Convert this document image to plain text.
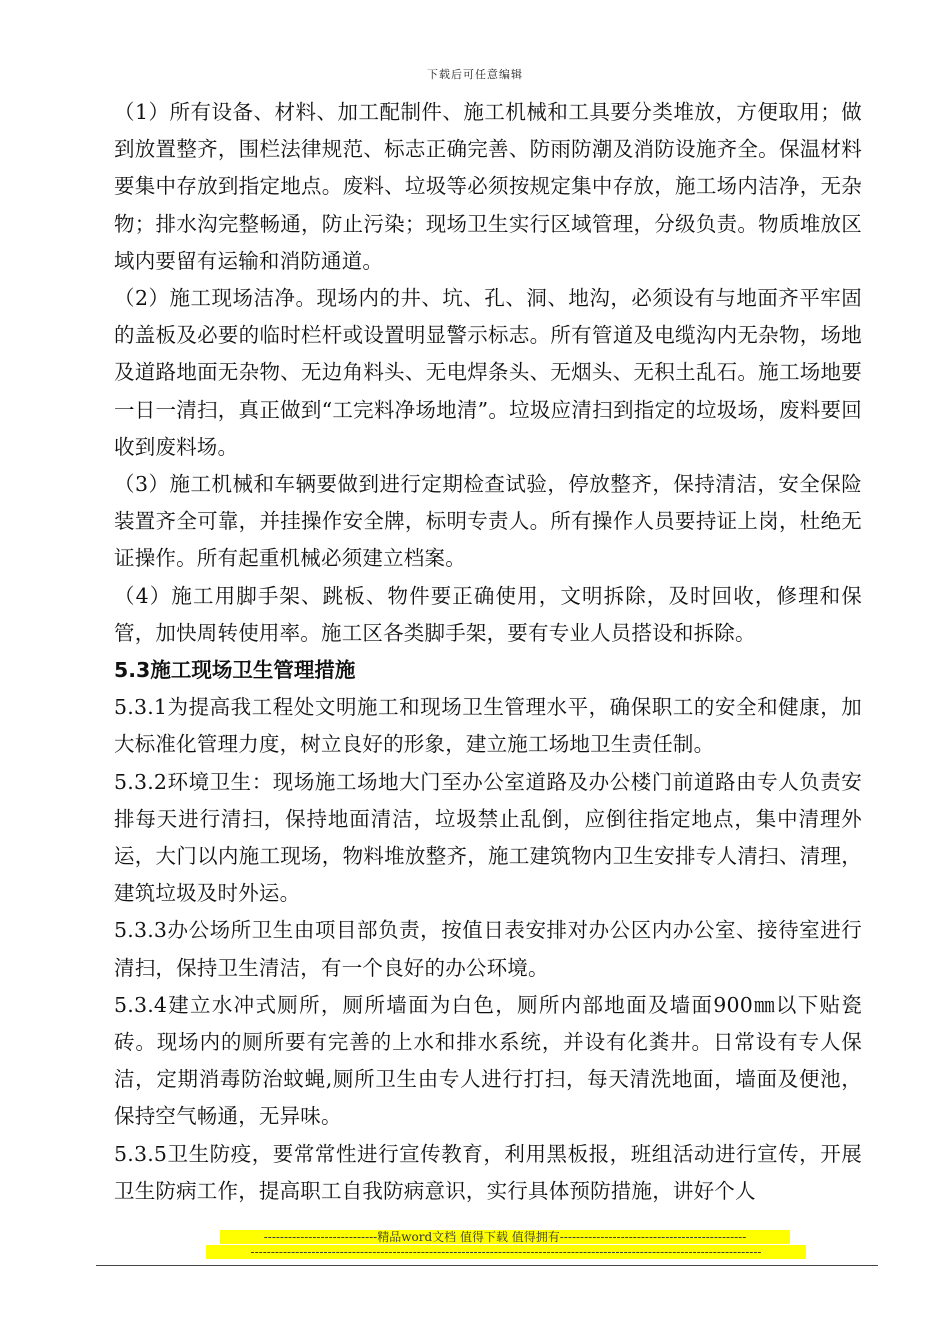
下载后可任意编辑

（1）所有设备、材料、加工配制件、施工机械和工具要分类堆放，方便取用；做到放置整齐，围栏法律规范、标志正确完善、防雨防潮及消防设施齐全。保温材料要集中存放到指定地点。废料、垃圾等必须按规定集中存放，施工场内洁净，无杂物；排水沟完整畅通，防止污染；现场卫生实行区域管理，分级负责。物质堆放区域内要留有运输和消防通道。

（2）施工现场洁净。现场内的井、坑、孔、洞、地沟，必须设有与地面齐平牢固的盖板及必要的临时栏杆或设置明显警示标志。所有管道及电缆沟内无杂物，场地及道路地面无杂物、无边角料头、无电焊条头、无烟头、无积土乱石。施工场地要一日一清扫，真正做到“工完料净场地清”。垃圾应清扫到指定的垃圾场，废料要回收到废料场。

（3）施工机械和车辆要做到进行定期检查试验，停放整齐，保持清洁，安全保险装置齐全可靠，并挂操作安全牌，标明专责人。所有操作人员要持证上岗，杜绝无证操作。所有起重机械必须建立档案。

（4）施工用脚手架、跳板、物件要正确使用，文明拆除，及时回收，修理和保管，加快周转使用率。施工区各类脚手架，要有专业人员搭设和拆除。

5.3施工现场卫生管理措施

5.3.1为提高我工程处文明施工和现场卫生管理水平，确保职工的安全和健康，加大标准化管理力度，树立良好的形象，建立施工场地卫生责任制。

5.3.2环境卫生：现场施工场地大门至办公室道路及办公楼门前道路由专人负责安排每天进行清扫，保持地面清洁，垃圾禁止乱倒，应倒往指定地点，集中清理外运，大门以内施工现场，物料堆放整齐，施工建筑物内卫生安排专人清扫、清理，建筑垃圾及时外运。

5.3.3办公场所卫生由项目部负责，按值日表安排对办公区内办公室、接待室进行清扫，保持卫生清洁，有一个良好的办公环境。

5.3.4建立水冲式厕所，厕所墙面为白色，厕所内部地面及墙面900㎜以下贴瓷砖。现场内的厕所要有完善的上水和排水系统，并设有化粪井。日常设有专人保洁，定期消毒防治蚊蝇,厕所卫生由专人进行打扫，每天清洗地面，墙面及便池，保持空气畅通，无异味。

5.3.5卫生防疫，要常常性进行宣传教育，利用黑板报，班组活动进行宣传，开展卫生防病工作，提高职工自我防病意识，实行具体预防措施，讲好个人

----------------------------精品word文档 值得下载 值得拥有----------------------------------------------
------------------------------------------------------------------------------------------------------------------------------
